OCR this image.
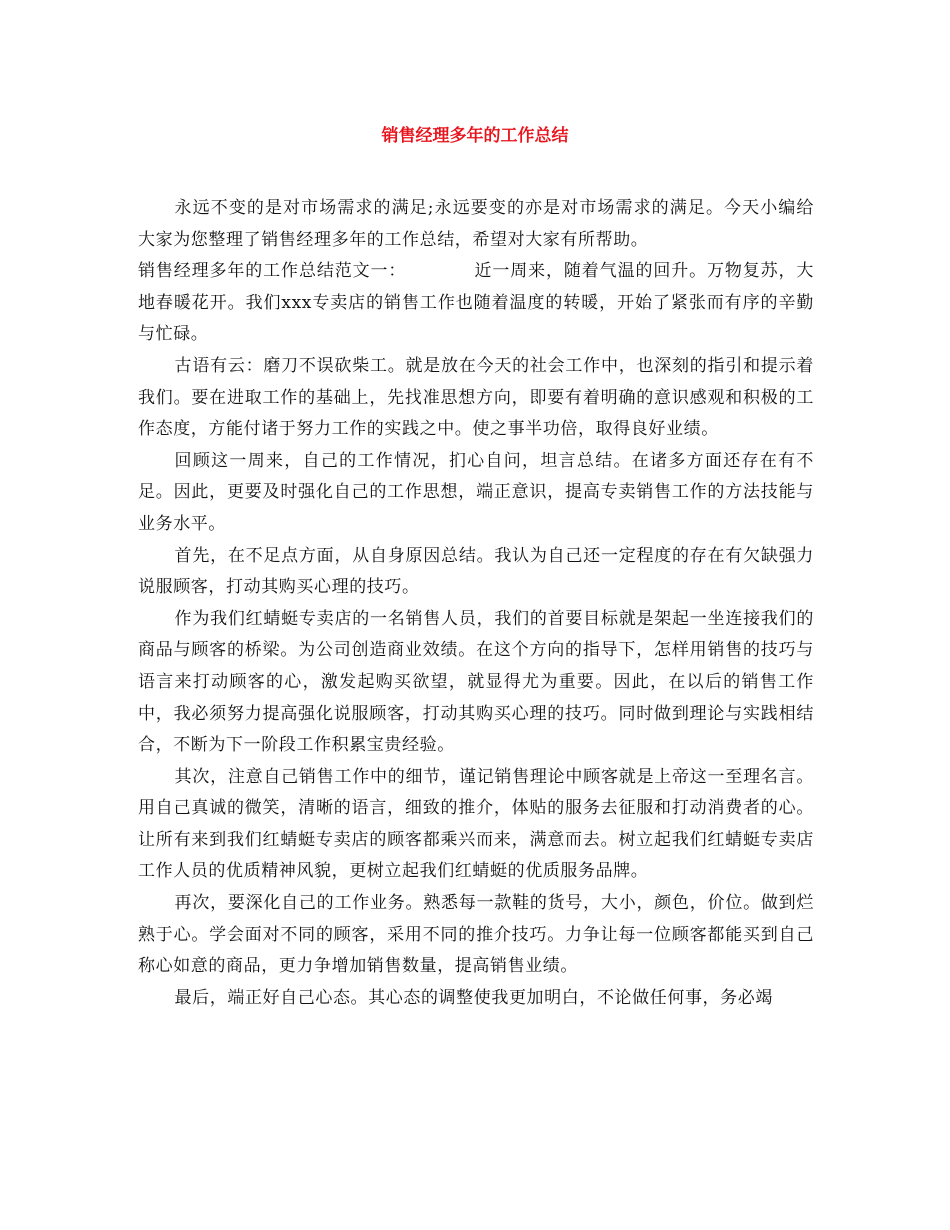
销售经理多年的工作总结

永远不变的是对市场需求的满足;永远要变的亦是对市场需求的满足。今天小编给大家为您整理了销售经理多年的工作总结，希望对大家有所帮助。

销售经理多年的工作总结范文一：	近一周来，随着气温的回升。万物复苏，大地春暖花开。我们xxx专卖店的销售工作也随着温度的转暖，开始了紧张而有序的辛勤与忙碌。

古语有云：磨刀不误砍柴工。就是放在今天的社会工作中，也深刻的指引和提示着我们。要在进取工作的基础上，先找准思想方向，即要有着明确的意识感观和积极的工作态度，方能付诸于努力工作的实践之中。使之事半功倍，取得良好业绩。

回顾这一周来，自己的工作情况，扪心自问，坦言总结。在诸多方面还存在有不足。因此，更要及时强化自己的工作思想，端正意识，提高专卖销售工作的方法技能与业务水平。

首先，在不足点方面，从自身原因总结。我认为自己还一定程度的存在有欠缺强力说服顾客，打动其购买心理的技巧。

作为我们红蜻蜓专卖店的一名销售人员，我们的首要目标就是架起一坐连接我们的商品与顾客的桥梁。为公司创造商业效绩。在这个方向的指导下，怎样用销售的技巧与语言来打动顾客的心，激发起购买欲望，就显得尤为重要。因此，在以后的销售工作中，我必须努力提高强化说服顾客，打动其购买心理的技巧。同时做到理论与实践相结合，不断为下一阶段工作积累宝贵经验。

其次，注意自己销售工作中的细节，谨记销售理论中顾客就是上帝这一至理名言。用自己真诚的微笑，清晰的语言，细致的推介，体贴的服务去征服和打动消费者的心。让所有来到我们红蜻蜓专卖店的顾客都乘兴而来，满意而去。树立起我们红蜻蜓专卖店工作人员的优质精神风貌，更树立起我们红蜻蜓的优质服务品牌。

再次，要深化自己的工作业务。熟悉每一款鞋的货号，大小，颜色，价位。做到烂熟于心。学会面对不同的顾客，采用不同的推介技巧。力争让每一位顾客都能买到自己称心如意的商品，更力争增加销售数量，提高销售业绩。

最后，端正好自己心态。其心态的调整使我更加明白，不论做任何事，务必竭
